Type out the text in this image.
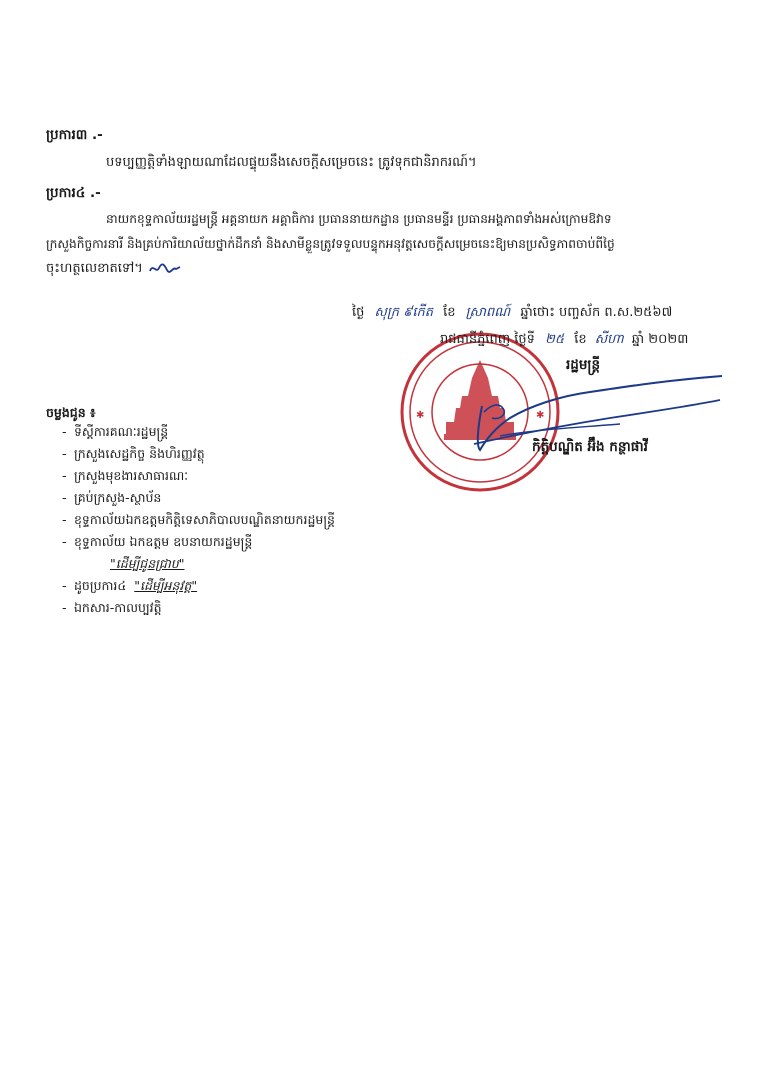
ប្រការ៣ .-
បទប្បញ្ញត្តិទាំងឡាយណាដែលផ្ទុយនឹងសេចក្តីសម្រេចនេះ ត្រូវទុកជានិរាករណ៍។
ប្រការ៤ .-
នាយកខុទ្ទកាល័យរដ្ឋមន្ត្រី អគ្គនាយក អគ្គាធិការ ប្រធាននាយកដ្ឋាន ប្រធានមន្ទីរ ប្រធានអង្គភាពទាំងអស់ក្រោមឱវាទ
ក្រសួងកិច្ចការនារី និងគ្រប់ការិយាល័យថ្នាក់ដឹកនាំ និងសាមីខ្លួនត្រូវទទួលបន្ទុកអនុវត្តសេចក្តីសម្រេចនេះឱ្យមានប្រសិទ្ធភាពចាប់ពីថ្ងៃ
ចុះហត្ថលេខាតទៅ។
✱	✱
ថ្ងៃ សុក្រ ៩កើត ខែ ស្រាពណ៍ ឆ្នាំថោះ បញ្ចស័ក ព.ស.២៥៦៧
រាជធានីភ្នំពេញ ថ្ងៃទី ២៥ ខែ សីហា ឆ្នាំ ២០២៣
រដ្ឋមន្ត្រី
កិត្តិបណ្ឌិត អ៊ឹង កន្ថាផាវី
ចម្លងជូន ៖
- ទីស្តីការគណៈរដ្ឋមន្ត្រី
- ក្រសួងសេដ្ឋកិច្ច និងហិរញ្ញវត្ថុ
- ក្រសួងមុខងារសាធារណៈ
- គ្រប់ក្រសួង-ស្ថាប័ន
- ខុទ្ទកាល័យឯកឧត្តមកិត្តិទេសាភិបាលបណ្ឌិតនាយករដ្ឋមន្ត្រី
- ខុទ្ទកាល័យ ឯកឧត្តម ឧបនាយករដ្ឋមន្ត្រី
"ដើម្បីជូនជ្រាប"
- ដូចប្រការ៤ "ដើម្បីអនុវត្ត"
- ឯកសារ-កាលប្បវត្តិ
